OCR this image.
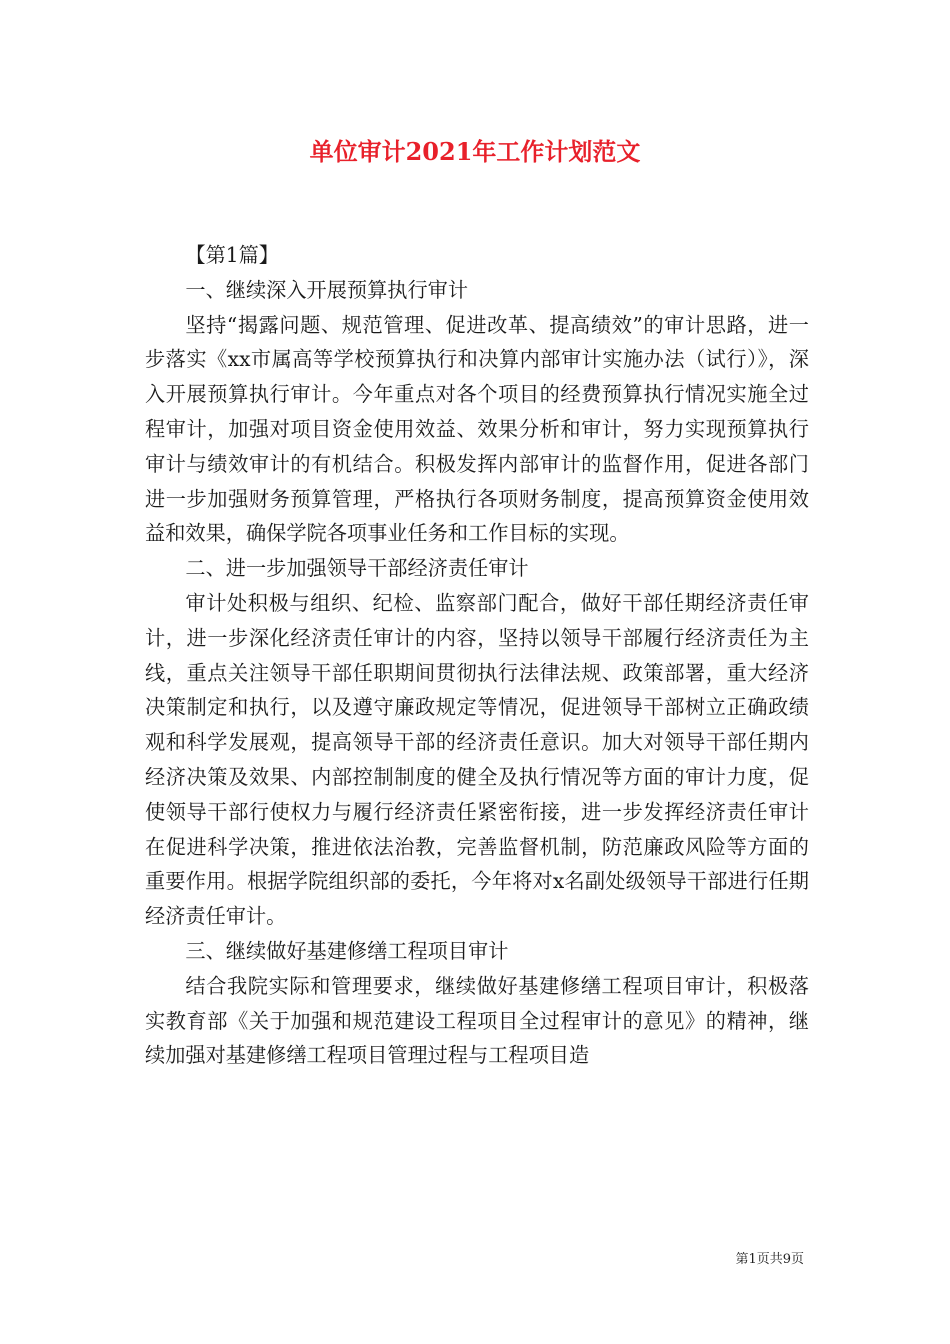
单位审计2021年工作计划范文

【第1篇】

一、继续深入开展预算执行审计

坚持“揭露问题、规范管理、促进改革、提高绩效”的审计思路，进一步落实《xx市属高等学校预算执行和决算内部审计实施办法（试行）》，深入开展预算执行审计。今年重点对各个项目的经费预算执行情况实施全过程审计，加强对项目资金使用效益、效果分析和审计，努力实现预算执行审计与绩效审计的有机结合。积极发挥内部审计的监督作用，促进各部门进一步加强财务预算管理，严格执行各项财务制度，提高预算资金使用效益和效果，确保学院各项事业任务和工作目标的实现。

二、进一步加强领导干部经济责任审计

审计处积极与组织、纪检、监察部门配合，做好干部任期经济责任审计，进一步深化经济责任审计的内容，坚持以领导干部履行经济责任为主线，重点关注领导干部任职期间贯彻执行法律法规、政策部署，重大经济决策制定和执行，以及遵守廉政规定等情况，促进领导干部树立正确政绩观和科学发展观，提高领导干部的经济责任意识。加大对领导干部任期内经济决策及效果、内部控制制度的健全及执行情况等方面的审计力度，促使领导干部行使权力与履行经济责任紧密衔接，进一步发挥经济责任审计在促进科学决策，推进依法治教，完善监督机制，防范廉政风险等方面的重要作用。根据学院组织部的委托，今年将对x名副处级领导干部进行任期经济责任审计。

三、继续做好基建修缮工程项目审计

结合我院实际和管理要求，继续做好基建修缮工程项目审计，积极落实教育部《关于加强和规范建设工程项目全过程审计的意见》的精神，继续加强对基建修缮工程项目管理过程与工程项目造

第1页共9页
